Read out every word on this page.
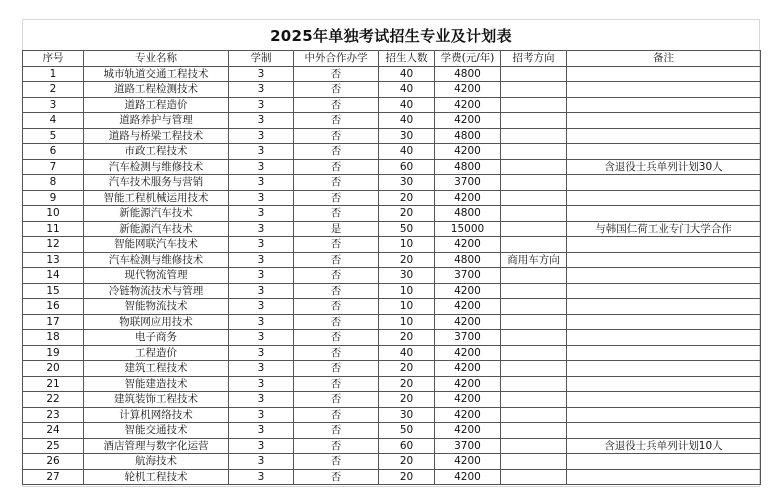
2025年单独考试招生专业及计划表
序号	专业名称	学制	中外合作办学	招生人数	学费(元/年)	招考方向	备注
1	城市轨道交通工程技术	3	否	40	4800		
2	道路工程检测技术	3	否	40	4200		
3	道路工程造价	3	否	40	4200		
4	道路养护与管理	3	否	40	4200		
5	道路与桥梁工程技术	3	否	30	4800		
6	市政工程技术	3	否	40	4200		
7	汽车检测与维修技术	3	否	60	4800		含退役士兵单列计划30人
8	汽车技术服务与营销	3	否	30	3700		
9	智能工程机械运用技术	3	否	20	4200		
10	新能源汽车技术	3	否	20	4800		
11	新能源汽车技术	3	是	50	15000		与韩国仁荷工业专门大学合作
12	智能网联汽车技术	3	否	10	4200		
13	汽车检测与维修技术	3	否	20	4800	商用车方向	
14	现代物流管理	3	否	30	3700		
15	冷链物流技术与管理	3	否	10	4200		
16	智能物流技术	3	否	10	4200		
17	物联网应用技术	3	否	10	4200		
18	电子商务	3	否	20	3700		
19	工程造价	3	否	40	4200		
20	建筑工程技术	3	否	20	4200		
21	智能建造技术	3	否	20	4200		
22	建筑装饰工程技术	3	否	20	4200		
23	计算机网络技术	3	否	30	4200		
24	智能交通技术	3	否	50	4200		
25	酒店管理与数字化运营	3	否	60	3700		含退役士兵单列计划10人
26	航海技术	3	否	20	4200		
27	轮机工程技术	3	否	20	4200		
